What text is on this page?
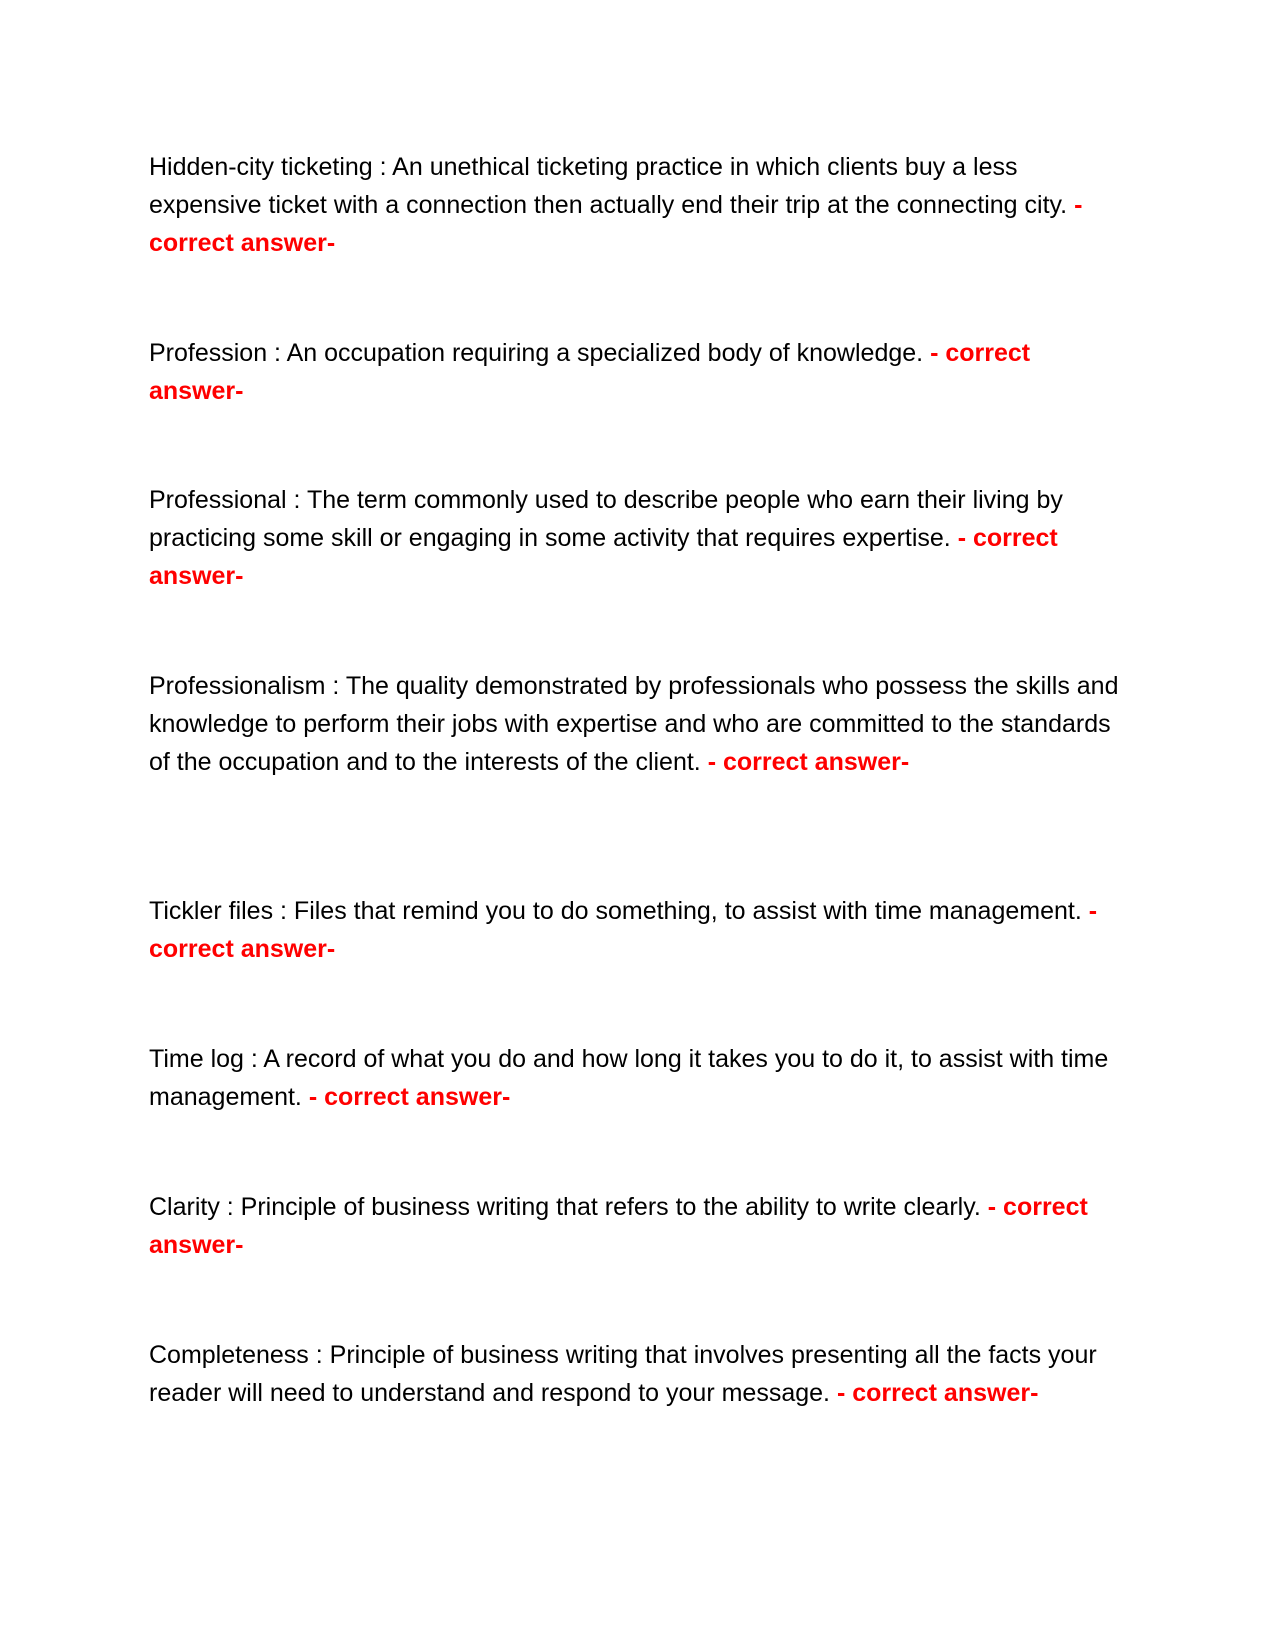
Hidden-city ticketing : An unethical ticketing practice in which clients buy a less expensive ticket with a connection then actually end their trip at the connecting city. - correct answer-

Profession : An occupation requiring a specialized body of knowledge. - correct answer-

Professional : The term commonly used to describe people who earn their living by practicing some skill or engaging in some activity that requires expertise. - correct answer-

Professionalism : The quality demonstrated by professionals who possess the skills and knowledge to perform their jobs with expertise and who are committed to the standards of the occupation and to the interests of the client. - correct answer-

Tickler files : Files that remind you to do something, to assist with time management. - correct answer-

Time log : A record of what you do and how long it takes you to do it, to assist with time management. - correct answer-

Clarity : Principle of business writing that refers to the ability to write clearly. - correct answer-

Completeness : Principle of business writing that involves presenting all the facts your reader will need to understand and respond to your message. - correct answer-
